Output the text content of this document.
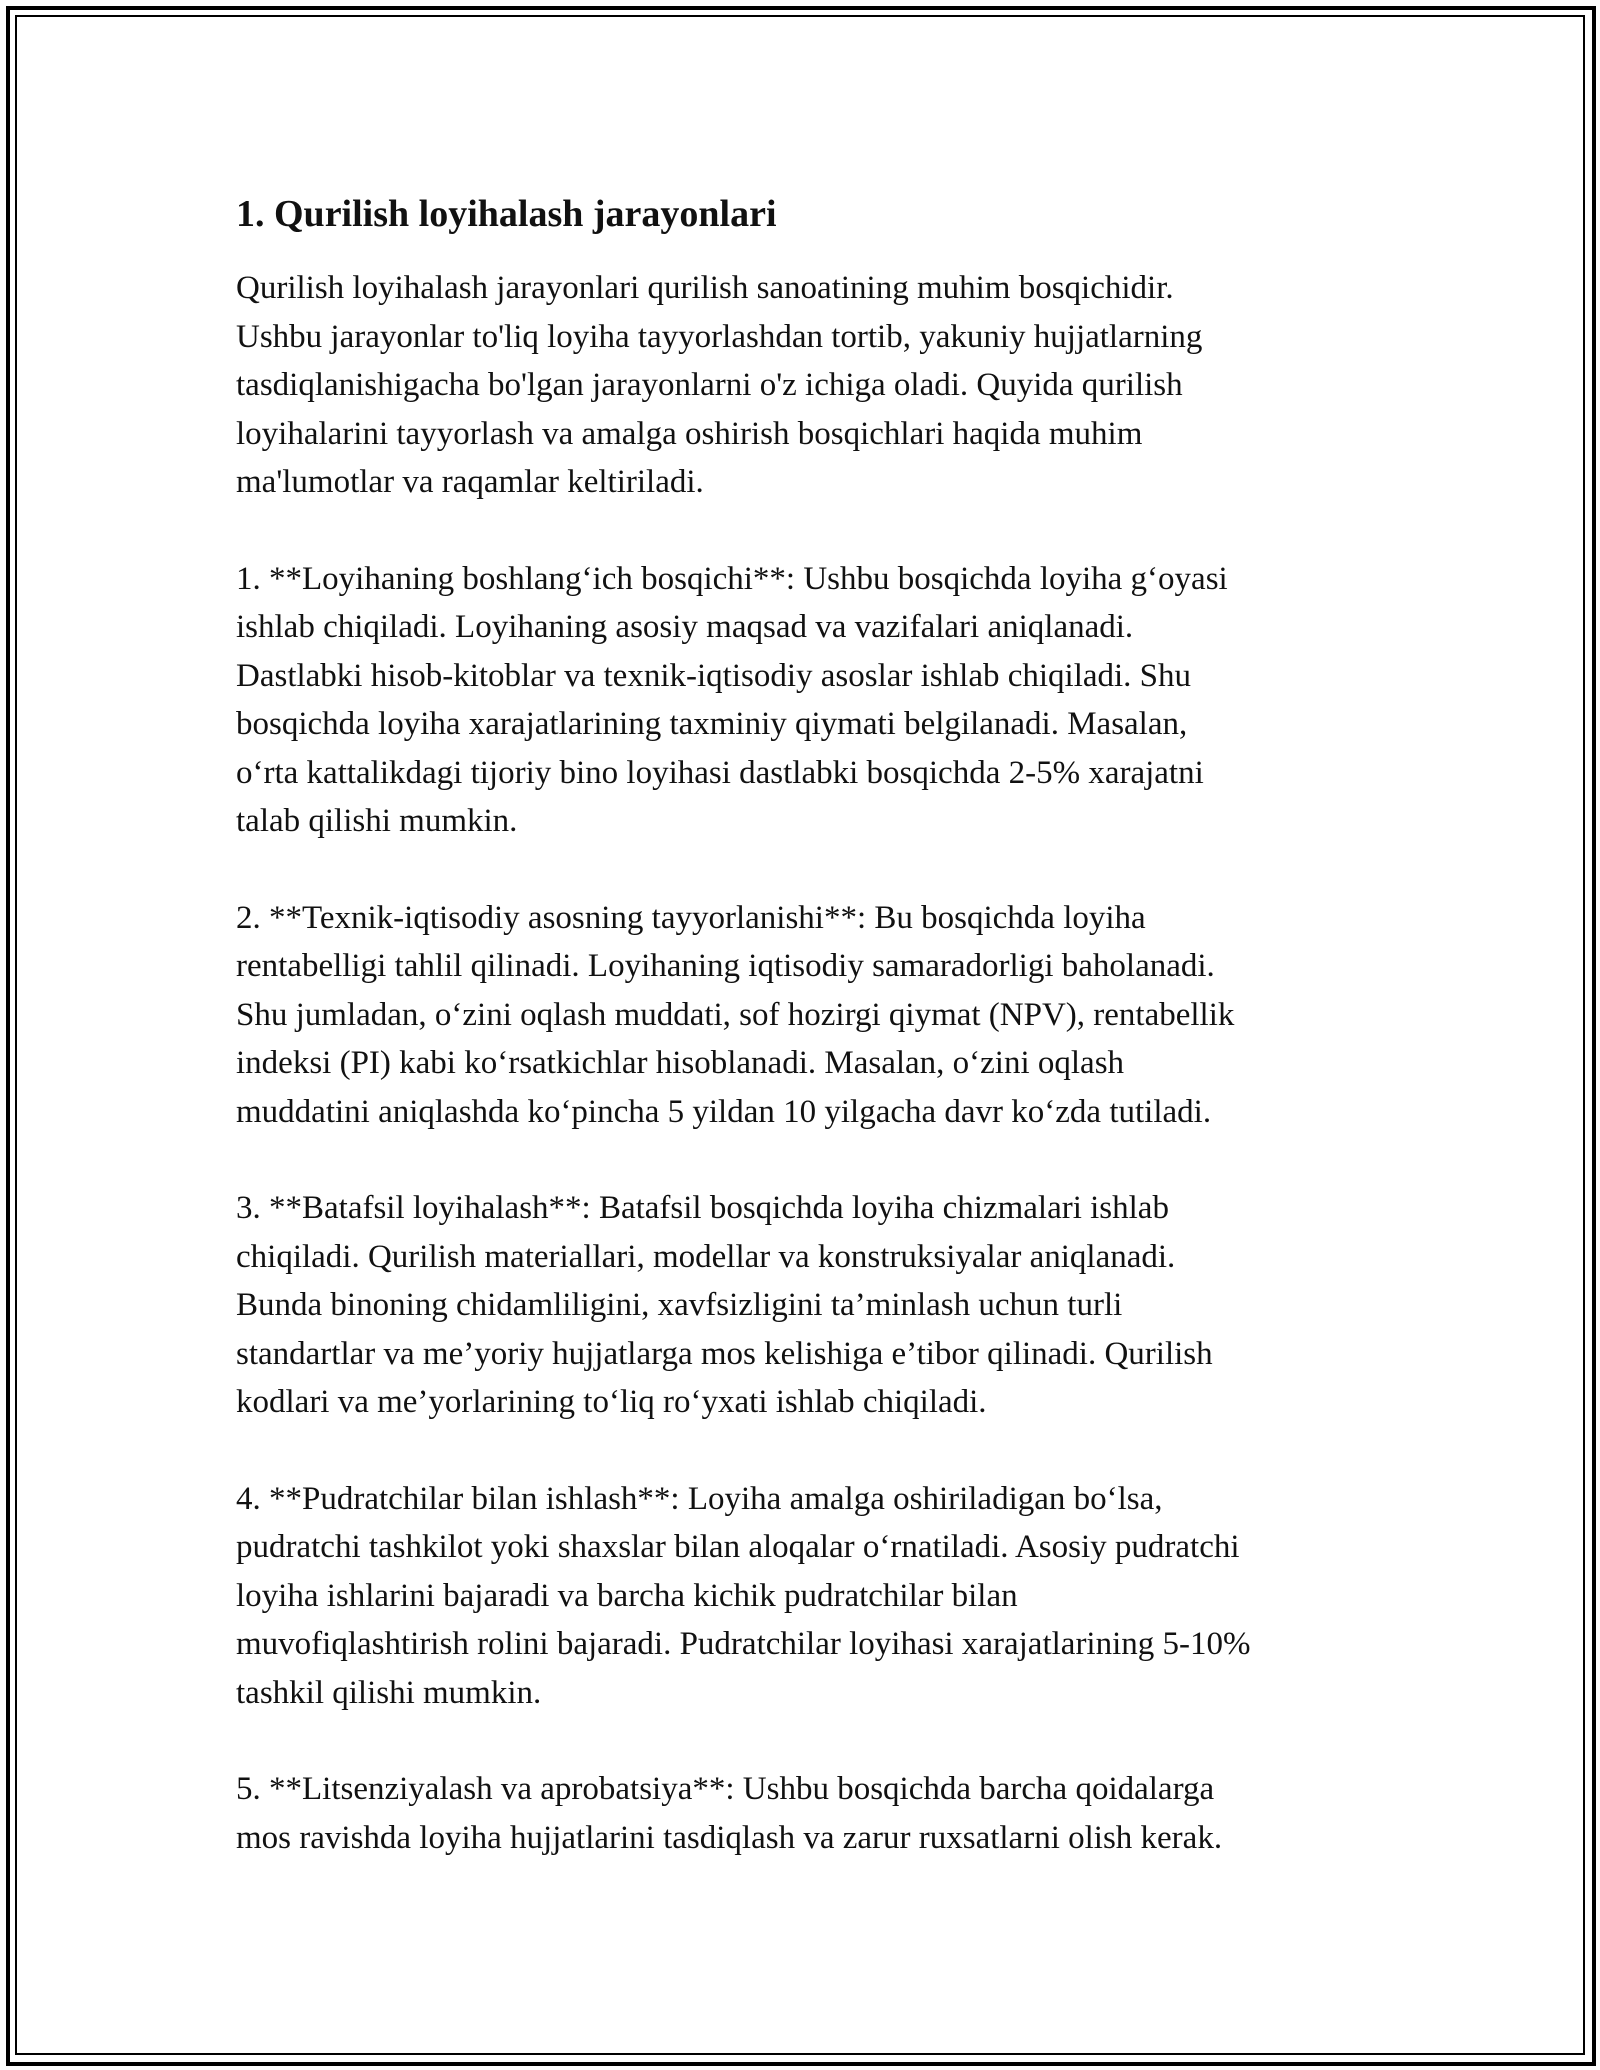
1. Qurilish loyihalash jarayonlari
Qurilish loyihalash jarayonlari qurilish sanoatining muhim bosqichidir.
Ushbu jarayonlar to'liq loyiha tayyorlashdan tortib, yakuniy hujjatlarning
tasdiqlanishigacha bo'lgan jarayonlarni o'z ichiga oladi. Quyida qurilish
loyihalarini tayyorlash va amalga oshirish bosqichlari haqida muhim
ma'lumotlar va raqamlar keltiriladi.
1. **Loyihaning boshlang‘ich bosqichi**: Ushbu bosqichda loyiha g‘oyasi
ishlab chiqiladi. Loyihaning asosiy maqsad va vazifalari aniqlanadi.
Dastlabki hisob-kitoblar va texnik-iqtisodiy asoslar ishlab chiqiladi. Shu
bosqichda loyiha xarajatlarining taxminiy qiymati belgilanadi. Masalan,
o‘rta kattalikdagi tijoriy bino loyihasi dastlabki bosqichda 2-5% xarajatni
talab qilishi mumkin.
2. **Texnik-iqtisodiy asosning tayyorlanishi**: Bu bosqichda loyiha
rentabelligi tahlil qilinadi. Loyihaning iqtisodiy samaradorligi baholanadi.
Shu jumladan, o‘zini oqlash muddati, sof hozirgi qiymat (NPV), rentabellik
indeksi (PI) kabi ko‘rsatkichlar hisoblanadi. Masalan, o‘zini oqlash
muddatini aniqlashda ko‘pincha 5 yildan 10 yilgacha davr ko‘zda tutiladi.
3. **Batafsil loyihalash**: Batafsil bosqichda loyiha chizmalari ishlab
chiqiladi. Qurilish materiallari, modellar va konstruksiyalar aniqlanadi.
Bunda binoning chidamliligini, xavfsizligini ta’minlash uchun turli
standartlar va me’yoriy hujjatlarga mos kelishiga e’tibor qilinadi. Qurilish
kodlari va me’yorlarining to‘liq ro‘yxati ishlab chiqiladi.
4. **Pudratchilar bilan ishlash**: Loyiha amalga oshiriladigan bo‘lsa,
pudratchi tashkilot yoki shaxslar bilan aloqalar o‘rnatiladi. Asosiy pudratchi
loyiha ishlarini bajaradi va barcha kichik pudratchilar bilan
muvofiqlashtirish rolini bajaradi. Pudratchilar loyihasi xarajatlarining 5-10%
tashkil qilishi mumkin.
5. **Litsenziyalash va aprobatsiya**: Ushbu bosqichda barcha qoidalarga
mos ravishda loyiha hujjatlarini tasdiqlash va zarur ruxsatlarni olish kerak.
